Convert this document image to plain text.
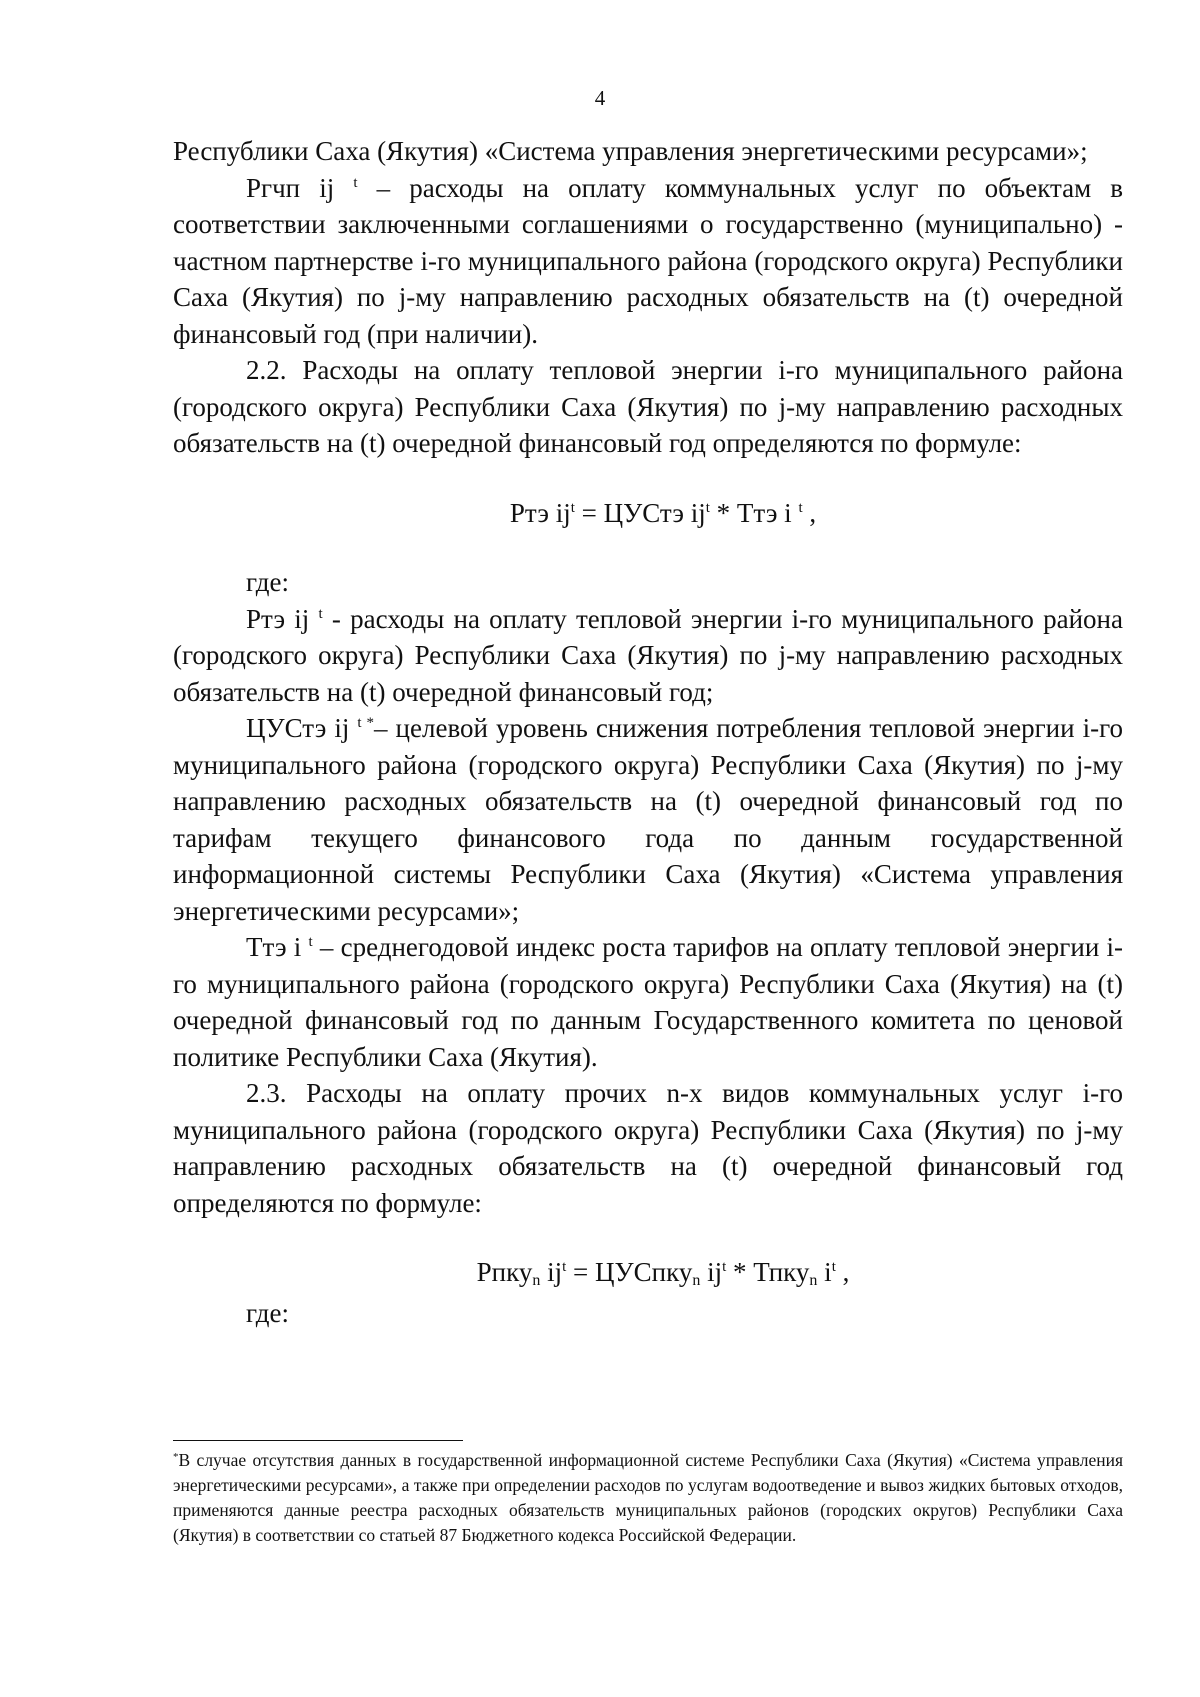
4

Республики Саха (Якутия) «Система управления энергетическими ресурсами»;

Ргчп ij $^t$ – расходы на оплату коммунальных услуг по объектам в соответствии заключенными соглашениями о государственно (муниципально) - частном партнерстве i-го муниципального района (городского округа) Республики Саха (Якутия) по j-му направлению расходных обязательств на (t) очередной финансовый год (при наличии).

2.2. Расходы на оплату тепловой энергии i-го муниципального района (городского округа) Республики Саха (Якутия) по j-му направлению расходных обязательств на (t) очередной финансовый год определяются по формуле:

Ртэ $ij^t$ = ЦУСтэ $ij^t$ * Ттэ i $^t$ ,

где:

Ртэ ij $^t$ - расходы на оплату тепловой энергии i-го муниципального района (городского округа) Республики Саха (Якутия) по j-му направлению расходных обязательств на (t) очередной финансовый год;

ЦУСтэ ij $^{t *}$– целевой уровень снижения потребления тепловой энергии i-го муниципального района (городского округа) Республики Саха (Якутия) по j-му направлению расходных обязательств на (t) очередной финансовый год по тарифам текущего финансового года по данным государственной информационной системы Республики Саха (Якутия) «Система управления энергетическими ресурсами»;

Ттэ i $^t$ – среднегодовой индекс роста тарифов на оплату тепловой энергии i-го муниципального района (городского округа) Республики Саха (Якутия) на (t) очередной финансовый год по данным Государственного комитета по ценовой политике Республики Саха (Якутия).

2.3. Расходы на оплату прочих n-х видов коммунальных услуг i-го муниципального района (городского округа) Республики Саха (Якутия) по j-му направлению расходных обязательств на (t) очередной финансовый год определяются по формуле:

Рпку$_n$ $ij^t$ = ЦУСпку$_n$ $ij^t$ * Тпку$_n$ $i^t$ ,

где:

*В случае отсутствия данных в государственной информационной системе Республики Саха (Якутия) «Система управления энергетическими ресурсами», а также при определении расходов по услугам водоотведение и вывоз жидких бытовых отходов, применяются данные реестра расходных обязательств муниципальных районов (городских округов) Республики Саха (Якутия) в соответствии со статьей 87 Бюджетного кодекса Российской Федерации.
